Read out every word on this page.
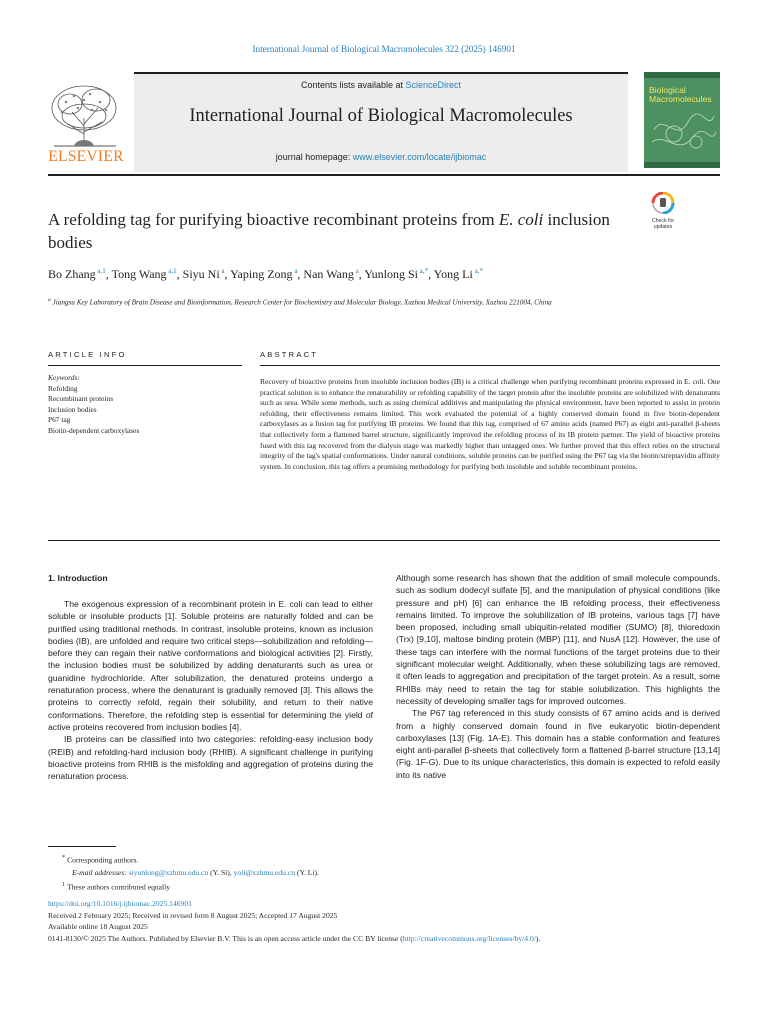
International Journal of Biological Macromolecules 322 (2025) 146901
ELSEVIER
Contents lists available at ScienceDirect
International Journal of Biological Macromolecules
journal homepage: www.elsevier.com/locate/ijbiomac
Biological
Macromolecules
A refolding tag for purifying bioactive recombinant proteins from E. coli inclusion bodies
Check for
updates
Bo Zhang $^{a,1}$, Tong Wang $^{a,1}$, Siyu Ni $^a$, Yaping Zong $^a$, Nan Wang $^a$, Yunlong Si $^{a,*}$, Yong Li $^{a,*}$
$^a$ Jiangsu Key Laboratory of Brain Disease and Bioinformation, Research Center for Biochemistry and Molecular Biology, Xuzhou Medical University, Xuzhou 221004, China
ARTICLE INFO	ABSTRACT
Keywords:
Refolding
Recombinant proteins
Inclusion bodies
P67 tag
Biotin-dependent carboxylases
Recovery of bioactive proteins from insoluble inclusion bodies (IB) is a critical challenge when purifying recombinant proteins expressed in E. coli. One practical solution is to enhance the renaturability or refolding capability of the target protein after the insoluble proteins are solubilized with denaturants such as urea. While some methods, such as using chemical additives and manipulating the physical environment, have been reported to assist in protein refolding, their effectiveness remains limited. This work evaluated the potential of a highly conserved domain found in five biotin-dependent carboxylases as a fusion tag for purifying IB proteins. We found that this tag, comprised of 67 amino acids (named P67) as eight anti-parallel β-sheets that collectively form a flattened barrel structure, significantly improved the refolding process of its IB protein partner. The yield of bioactive proteins fused with this tag recovered from the dialysis stage was markedly higher than untagged ones. We further proved that this effect relies on the structural integrity of the tag's spatial conformations. Under natural conditions, soluble proteins can be purified using the P67 tag via the biotin/streptavidin affinity system. In conclusion, this tag offers a promising methodology for purifying both insoluble and soluble recombinant proteins.
1. Introduction

The exogenous expression of a recombinant protein in E. coli can lead to either soluble or insoluble products [1]. Soluble proteins are naturally folded and can be purified using traditional methods. In contrast, insoluble proteins, known as inclusion bodies (IB), are unfolded and require two critical steps—solubilization and refolding—before they can regain their native conformations and biological activities [2]. Firstly, the inclusion bodies must be solubilized by adding denaturants such as urea or guanidine hydrochloride. After solubilization, the denatured proteins undergo a renaturation process, where the denaturant is gradually removed [3]. This allows the proteins to correctly refold, regain their solubility, and return to their native conformations. Therefore, the refolding step is essential for determining the yield of active proteins recovered from inclusion bodies [4].

IB proteins can be classified into two categories: refolding-easy inclusion body (REIB) and refolding-hard inclusion body (RHIB). A significant challenge in purifying bioactive proteins from RHIB is the misfolding and aggregation of proteins during the renaturation process.

Although some research has shown that the addition of small molecule compounds, such as sodium dodecyl sulfate [5], and the manipulation of physical conditions (like pressure and pH) [6] can enhance the IB refolding process, their effectiveness remains limited. To improve the solubilization of IB proteins, various tags [7] have been proposed, including small ubiquitin-related modifier (SUMO) [8], thioredoxin (Trx) [9,10], maltose binding protein (MBP) [11], and NusA [12]. However, the use of these tags can interfere with the normal functions of the target proteins due to their significant molecular weight. Additionally, when these solubilizing tags are removed, it often leads to aggregation and precipitation of the target protein. As a result, some RHIBs may need to retain the tag for stable solubilization. This highlights the necessity of developing smaller tags for improved outcomes.

The P67 tag referenced in this study consists of 67 amino acids and is derived from a highly conserved domain found in five eukaryotic biotin-dependent carboxylases [13] (Fig. 1A-E). This domain has a stable conformation and features eight anti-parallel β-sheets that collectively form a flattened β-barrel structure [13,14] (Fig. 1F-G). Due to its unique characteristics, this domain is expected to refold easily into its native

* Corresponding authors.
E-mail addresses: siyunlong@xzhmu.edu.cn (Y. Si), yoli@xzhmu.edu.cn (Y. Li).
$^1$ These authors contributed equally
https://doi.org/10.1016/j.ijbiomac.2025.146901
Received 2 February 2025; Received in revised form 8 August 2025; Accepted 17 August 2025
Available online 18 August 2025
0141-8130/© 2025 The Authors. Published by Elsevier B.V. This is an open access article under the CC BY license (http://creativecommons.org/licenses/by/4.0/).
